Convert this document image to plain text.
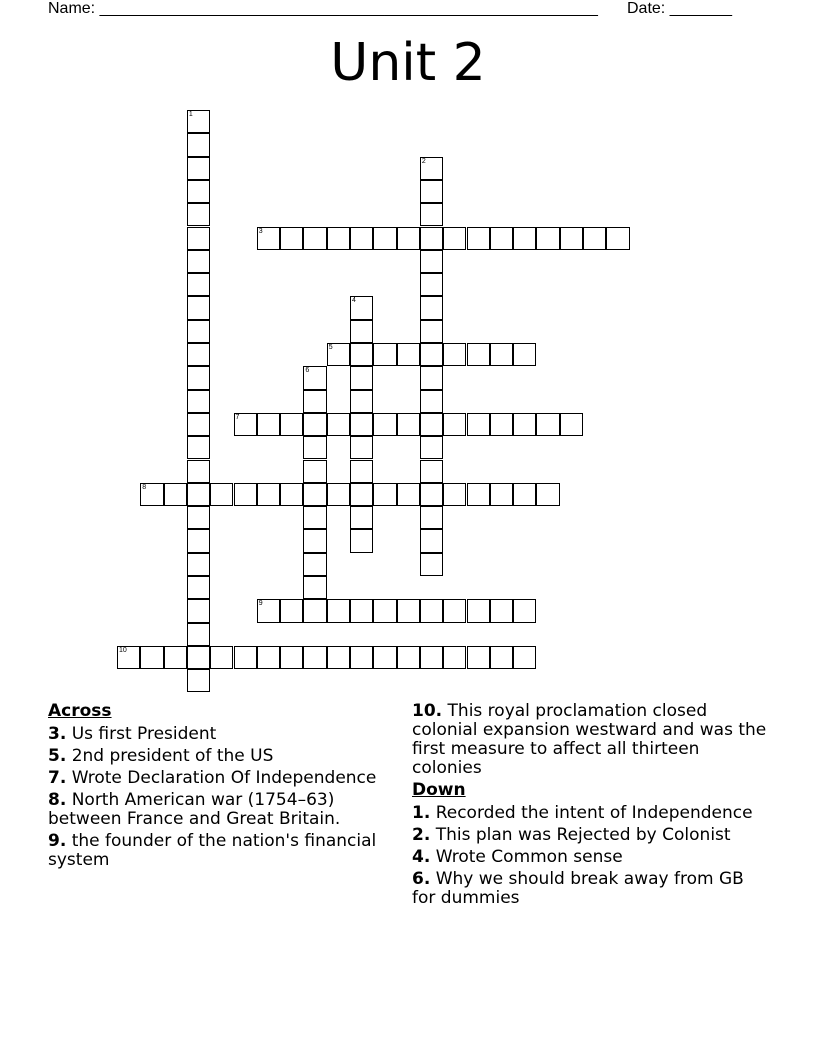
Name: ________________________________________________________ Date: _______
Unit 2
1
2
3
4
5
6
7
8
9
10
Across
3. Us first President
5. 2nd president of the US
7. Wrote Declaration Of Independence
8. North American war (1754–63) between France and Great Britain.
9. the founder of the nation's financial system
10. This royal proclamation closed colonial expansion westward and was the first measure to affect all thirteen colonies
Down
1. Recorded the intent of Independence
2. This plan was Rejected by Colonist
4. Wrote Common sense
6. Why we should break away from GB for dummies
